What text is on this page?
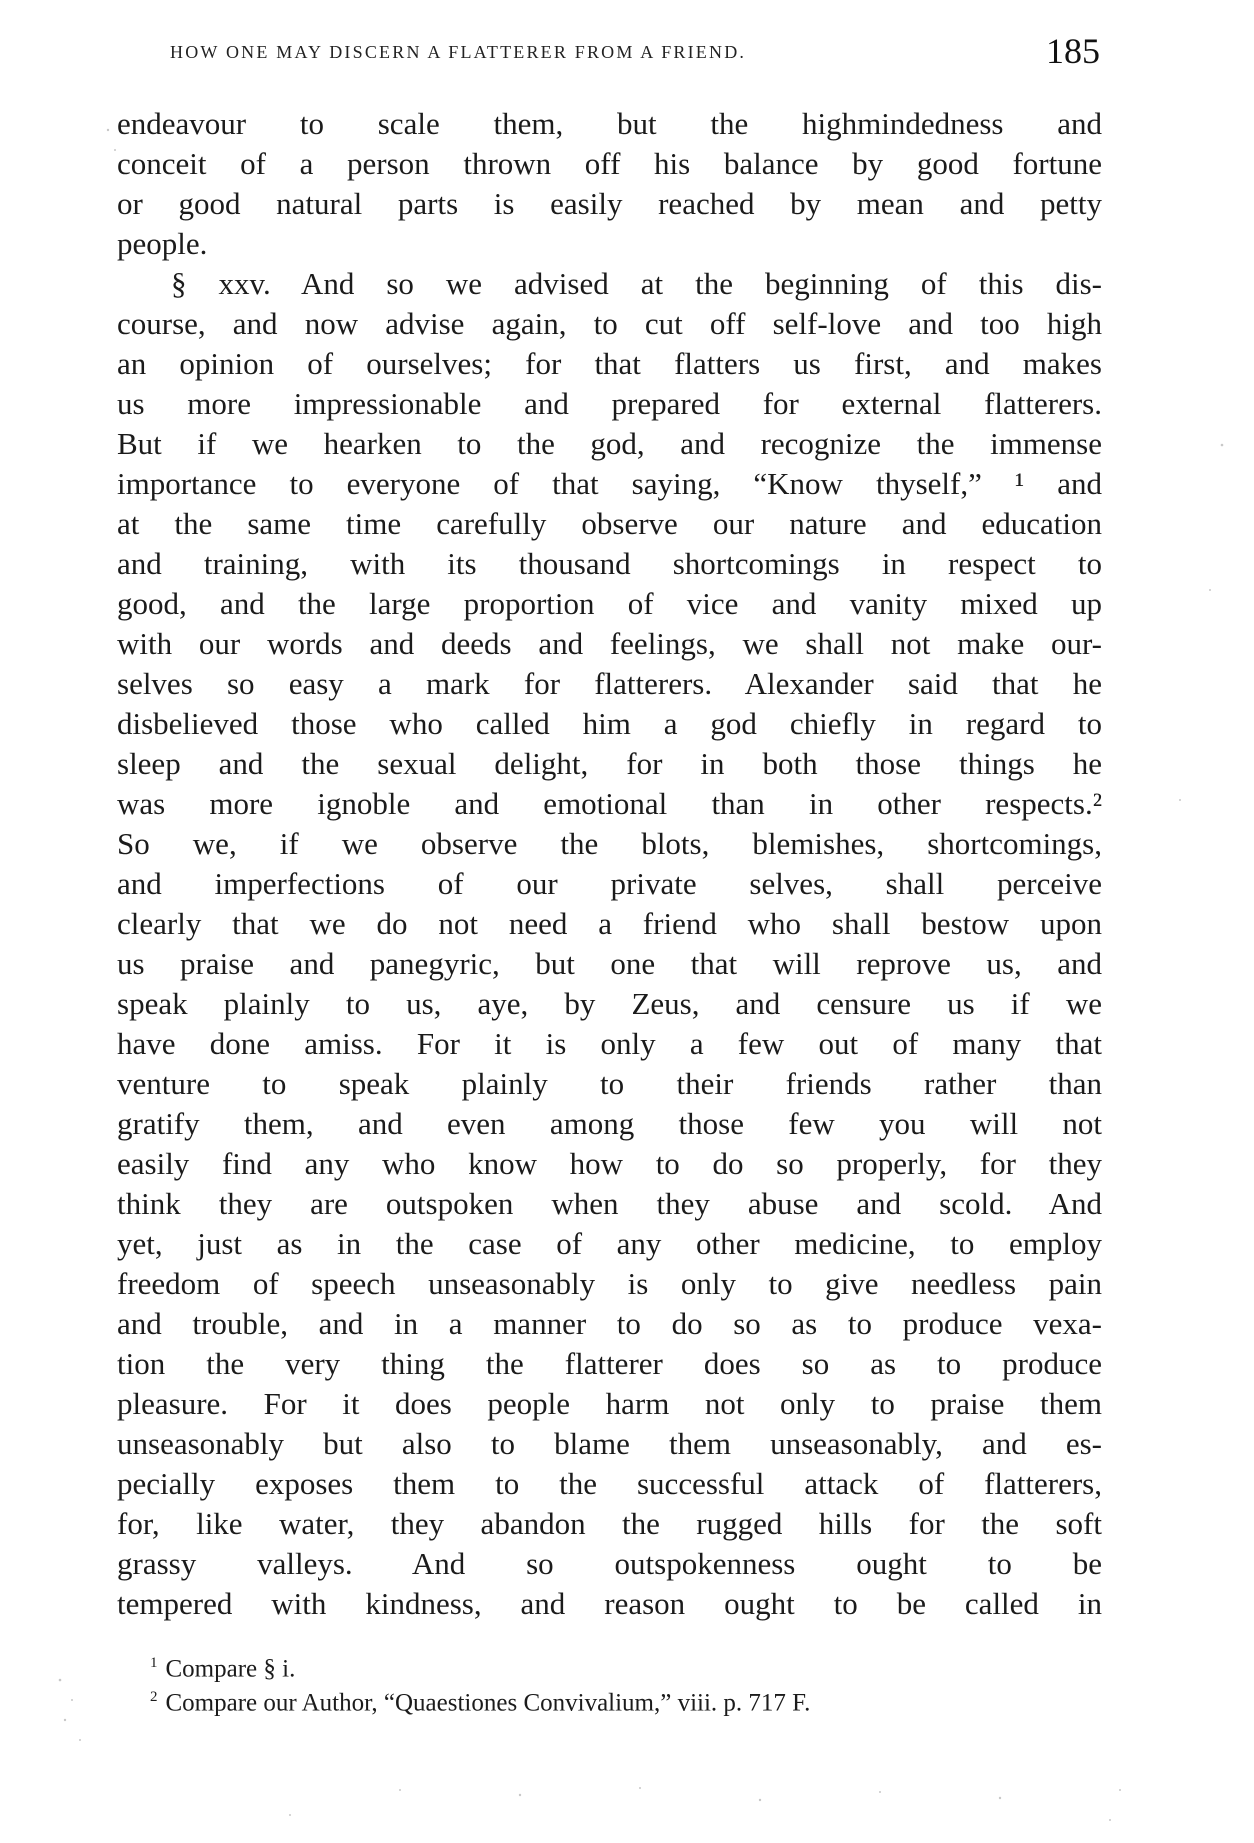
HOW ONE MAY DISCERN A FLATTERER FROM A FRIEND.	185
endeavour to scale them, but the highmindedness and
conceit of a person thrown off his balance by good fortune
or good natural parts is easily reached by mean and petty
people.
§ xxv. And so we advised at the beginning of this dis-
course, and now advise again, to cut off self-love and too high
an opinion of ourselves; for that flatters us first, and makes
us more impressionable and prepared for external flatterers.
But if we hearken to the god, and recognize the immense
importance to everyone of that saying, “Know thyself,” ¹ and
at the same time carefully observe our nature and education
and training, with its thousand shortcomings in respect to
good, and the large proportion of vice and vanity mixed up
with our words and deeds and feelings, we shall not make our-
selves so easy a mark for flatterers. Alexander said that he
disbelieved those who called him a god chiefly in regard to
sleep and the sexual delight, for in both those things he
was more ignoble and emotional than in other respects.²
So we, if we observe the blots, blemishes, shortcomings,
and imperfections of our private selves, shall perceive
clearly that we do not need a friend who shall bestow upon
us praise and panegyric, but one that will reprove us, and
speak plainly to us, aye, by Zeus, and censure us if we
have done amiss. For it is only a few out of many that
venture to speak plainly to their friends rather than
gratify them, and even among those few you will not
easily find any who know how to do so properly, for they
think they are outspoken when they abuse and scold. And
yet, just as in the case of any other medicine, to employ
freedom of speech unseasonably is only to give needless pain
and trouble, and in a manner to do so as to produce vexa-
tion the very thing the flatterer does so as to produce
pleasure. For it does people harm not only to praise them
unseasonably but also to blame them unseasonably, and es-
pecially exposes them to the successful attack of flatterers,
for, like water, they abandon the rugged hills for the soft
grassy valleys. And so outspokenness ought to be
tempered with kindness, and reason ought to be called in
$^1$ Compare § i.
$^2$ Compare our Author, “Quaestiones Convivalium,” viii. p. 717 F.
